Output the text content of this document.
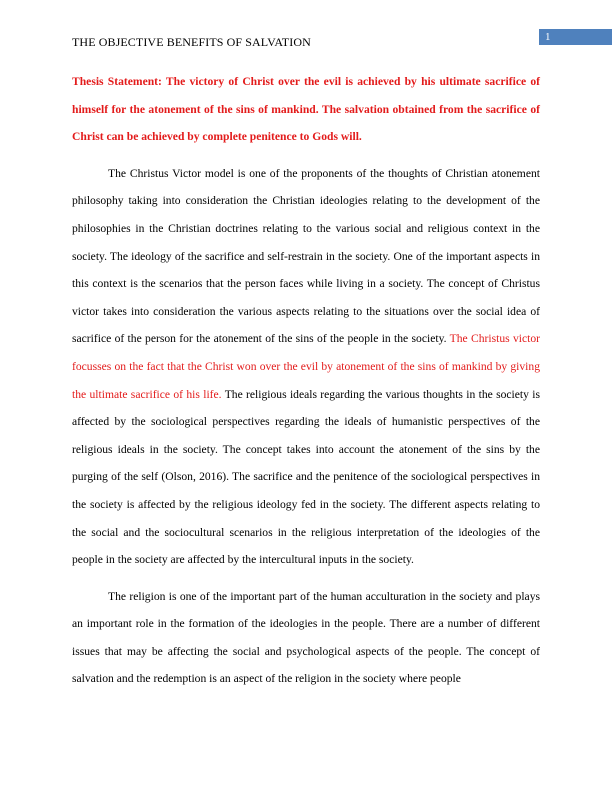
1
THE OBJECTIVE BENEFITS OF SALVATION

Thesis Statement: The victory of Christ over the evil is achieved by his ultimate sacrifice of himself for the atonement of the sins of mankind. The salvation obtained from the sacrifice of Christ can be achieved by complete penitence to Gods will.

The Christus Victor model is one of the proponents of the thoughts of Christian atonement philosophy taking into consideration the Christian ideologies relating to the development of the philosophies in the Christian doctrines relating to the various social and religious context in the society. The ideology of the sacrifice and self-restrain in the society. One of the important aspects in this context is the scenarios that the person faces while living in a society. The concept of Christus victor takes into consideration the various aspects relating to the situations over the social idea of sacrifice of the person for the atonement of the sins of the people in the society. The Christus victor focusses on the fact that the Christ won over the evil by atonement of the sins of mankind by giving the ultimate sacrifice of his life. The religious ideals regarding the various thoughts in the society is affected by the sociological perspectives regarding the ideals of humanistic perspectives of the religious ideals in the society. The concept takes into account the atonement of the sins by the purging of the self (Olson, 2016). The sacrifice and the penitence of the sociological perspectives in the society is affected by the religious ideology fed in the society. The different aspects relating to the social and the sociocultural scenarios in the religious interpretation of the ideologies of the people in the society are affected by the intercultural inputs in the society.

The religion is one of the important part of the human acculturation in the society and plays an important role in the formation of the ideologies in the people. There are a number of different issues that may be affecting the social and psychological aspects of the people. The concept of salvation and the redemption is an aspect of the religion in the society where people
